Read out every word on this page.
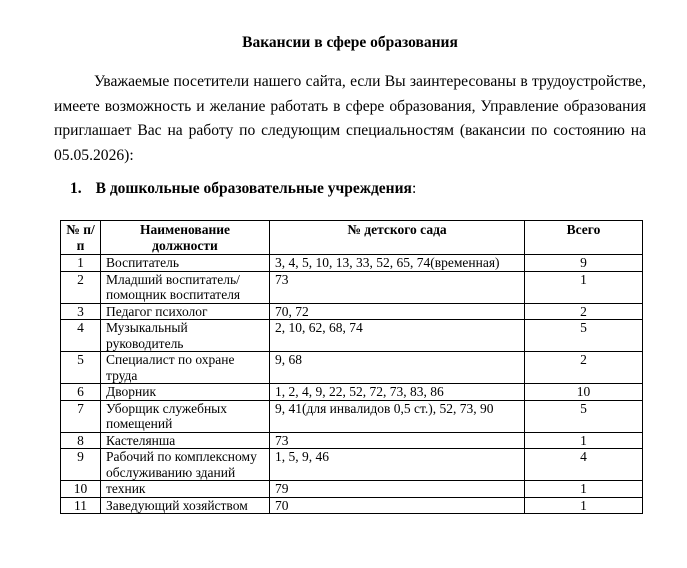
Вакансии в сфере образования

Уважаемые посетители нашего сайта, если Вы заинтересованы в трудоустройстве, имеете возможность и желание работать в сфере образования, Управление образования приглашает Вас на работу по следующим специальностям (вакансии по состоянию на 05.05.2026):

1. В дошкольные образовательные учреждения:
№ п/п	Наименование должности	№ детского сада	Всего
1	Воспитатель	3, 4, 5, 10, 13, 33, 52, 65, 74(временная)	9
2	Младший воспитатель/помощник воспитателя	73	1
3	Педагог психолог	70, 72	2
4	Музыкальный руководитель	2, 10, 62, 68, 74	5
5	Специалист по охране труда	9, 68	2
6	Дворник	1, 2, 4, 9, 22, 52, 72, 73, 83, 86	10
7	Уборщик служебных помещений	9, 41(для инвалидов 0,5 ст.), 52, 73, 90	5
8	Кастелянша	73	1
9	Рабочий по комплексному обслуживанию зданий	1, 5, 9, 46	4
10	техник	79	1
11	Заведующий хозяйством	70	1
